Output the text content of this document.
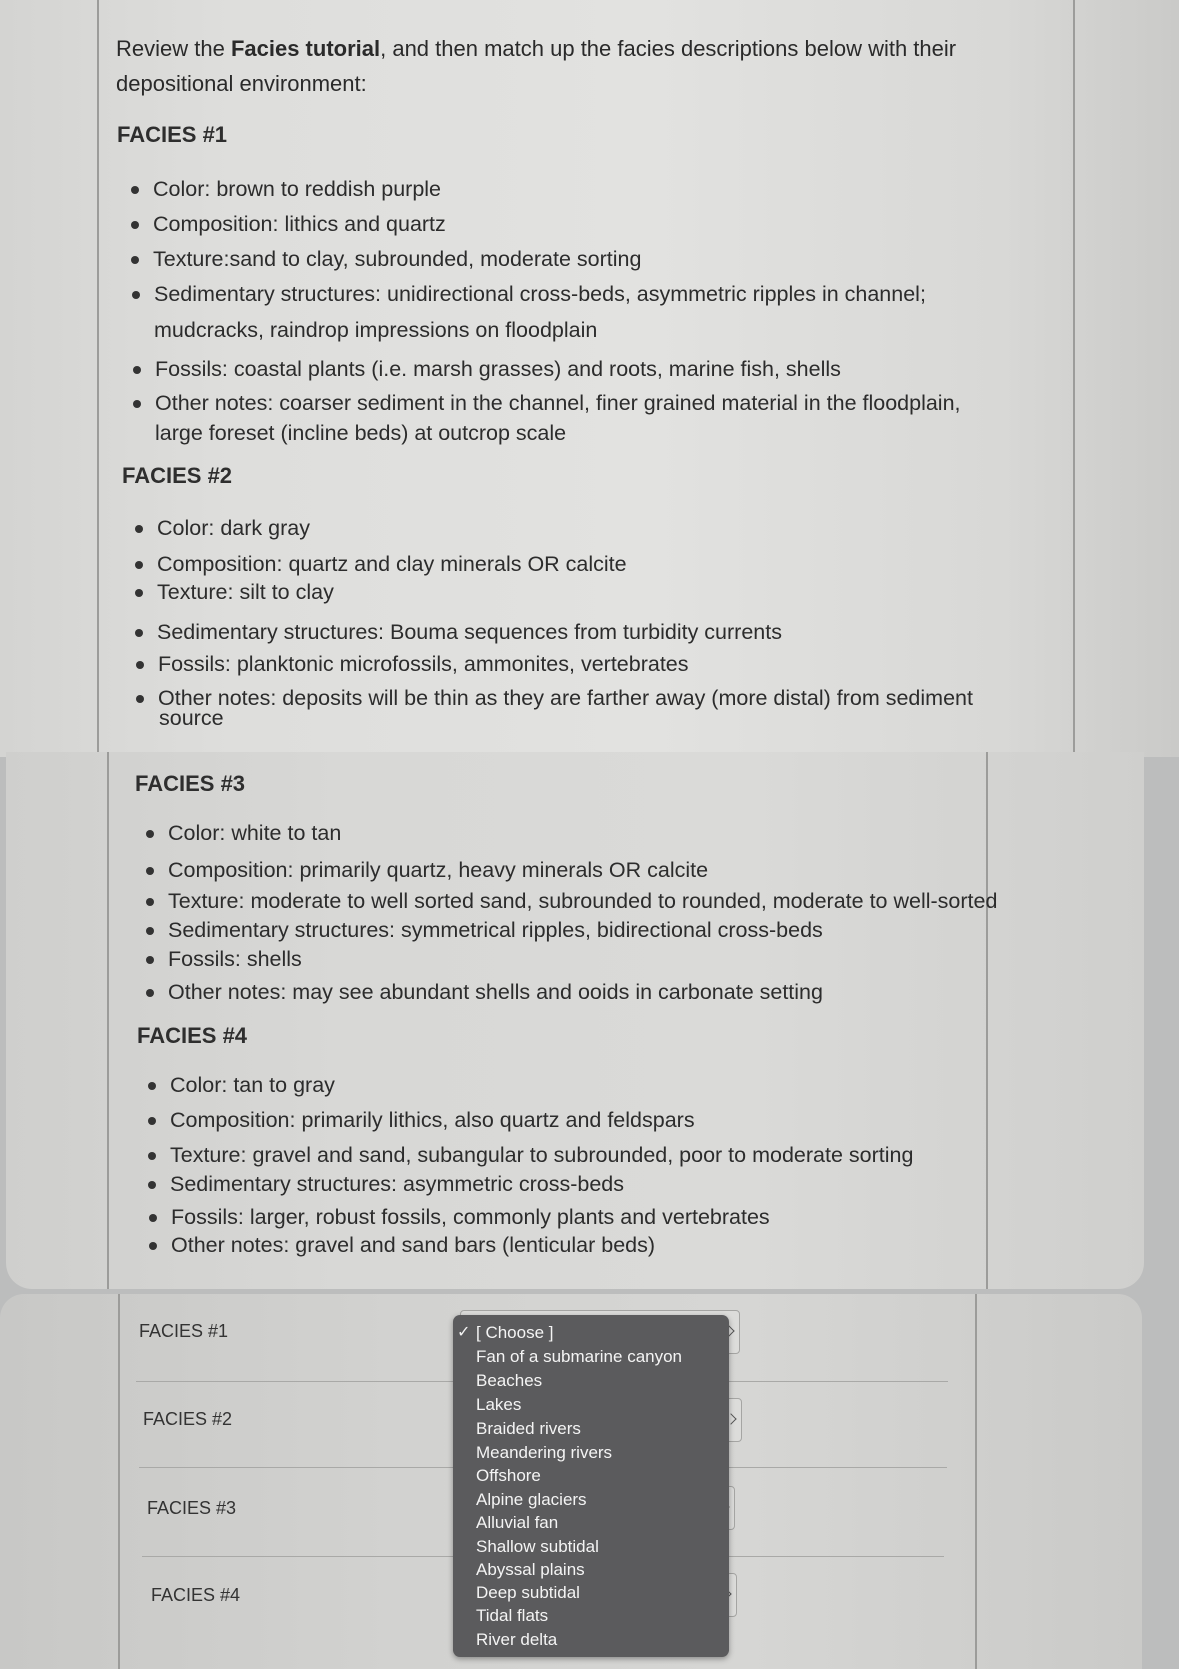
Review the Facies tutorial, and then match up the facies descriptions below with their
depositional environment:
FACIES #1
Color: brown to reddish purple
Composition: lithics and quartz
Texture:sand to clay, subrounded, moderate sorting
Sedimentary structures: unidirectional cross-beds, asymmetric ripples in channel;
mudcracks, raindrop impressions on floodplain
Fossils: coastal plants (i.e. marsh grasses) and roots, marine fish, shells
Other notes: coarser sediment in the channel, finer grained material in the floodplain,
large foreset (incline beds) at outcrop scale
FACIES #2
Color: dark gray
Composition: quartz and clay minerals OR calcite
Texture: silt to clay
Sedimentary structures: Bouma sequences from turbidity currents
Fossils: planktonic microfossils, ammonites, vertebrates
Other notes: deposits will be thin as they are farther away (more distal) from sediment
source
FACIES #3
Color: white to tan
Composition: primarily quartz, heavy minerals OR calcite
Texture: moderate to well sorted sand, subrounded to rounded, moderate to well-sorted
Sedimentary structures: symmetrical ripples, bidirectional cross-beds
Fossils: shells
Other notes: may see abundant shells and ooids in carbonate setting
FACIES #4
Color: tan to gray
Composition: primarily lithics, also quartz and feldspars
Texture: gravel and sand, subangular to subrounded, poor to moderate sorting
Sedimentary structures: asymmetric cross-beds
Fossils: larger, robust fossils, commonly plants and vertebrates
Other notes: gravel and sand bars (lenticular beds)
FACIES #1
FACIES #2
FACIES #3
FACIES #4
✓ [ Choose ]
Fan of a submarine canyon
Beaches
Lakes
Braided rivers
Meandering rivers
Offshore
Alpine glaciers
Alluvial fan
Shallow subtidal
Abyssal plains
Deep subtidal
Tidal flats
River delta
